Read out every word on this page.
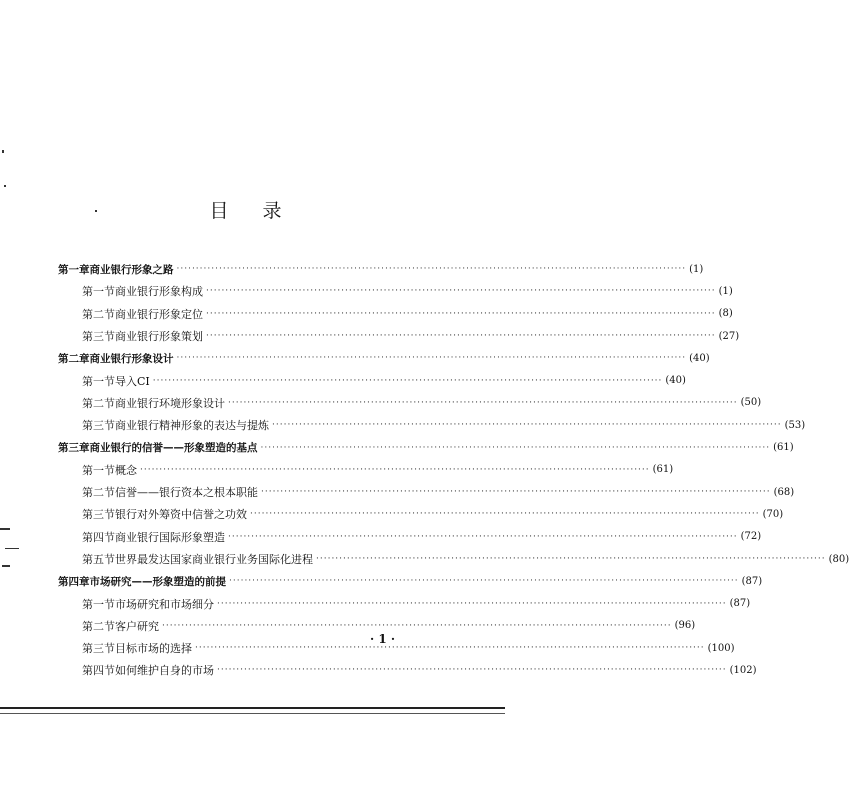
目 录
第一章 商业银行形象之路 ·····	(1)
第一节 商业银行形象构成 ·····	(1)
第二节 商业银行形象定位 ·····	(8)
第三节 商业银行形象策划 ·····	(27)
第二章 商业银行形象设计 ·····	(40)
第一节 导入CI ·····	(40)
第二节 商业银行环境形象设计 ·····	(50)
第三节 商业银行精神形象的表达与提炼 ·····	(53)
第三章 商业银行的信誉——形象塑造的基点 ·····	(61)
第一节 概念 ·····	(61)
第二节 信誉——银行资本之根本职能 ·····	(68)
第三节 银行对外筹资中信誉之功效 ·····	(70)
第四节 商业银行国际形象塑造 ·····	(72)
第五节 世界最发达国家商业银行业务国际化进程 ·····	(80)
第四章 市场研究——形象塑造的前提 ·····	(87)
第一节 市场研究和市场细分 ·····	(87)
第二节 客户研究 ·····	(96)
第三节 目标市场的选择 ·····	(100)
第四节 如何维护自身的市场 ·····	(102)
· 1 ·
